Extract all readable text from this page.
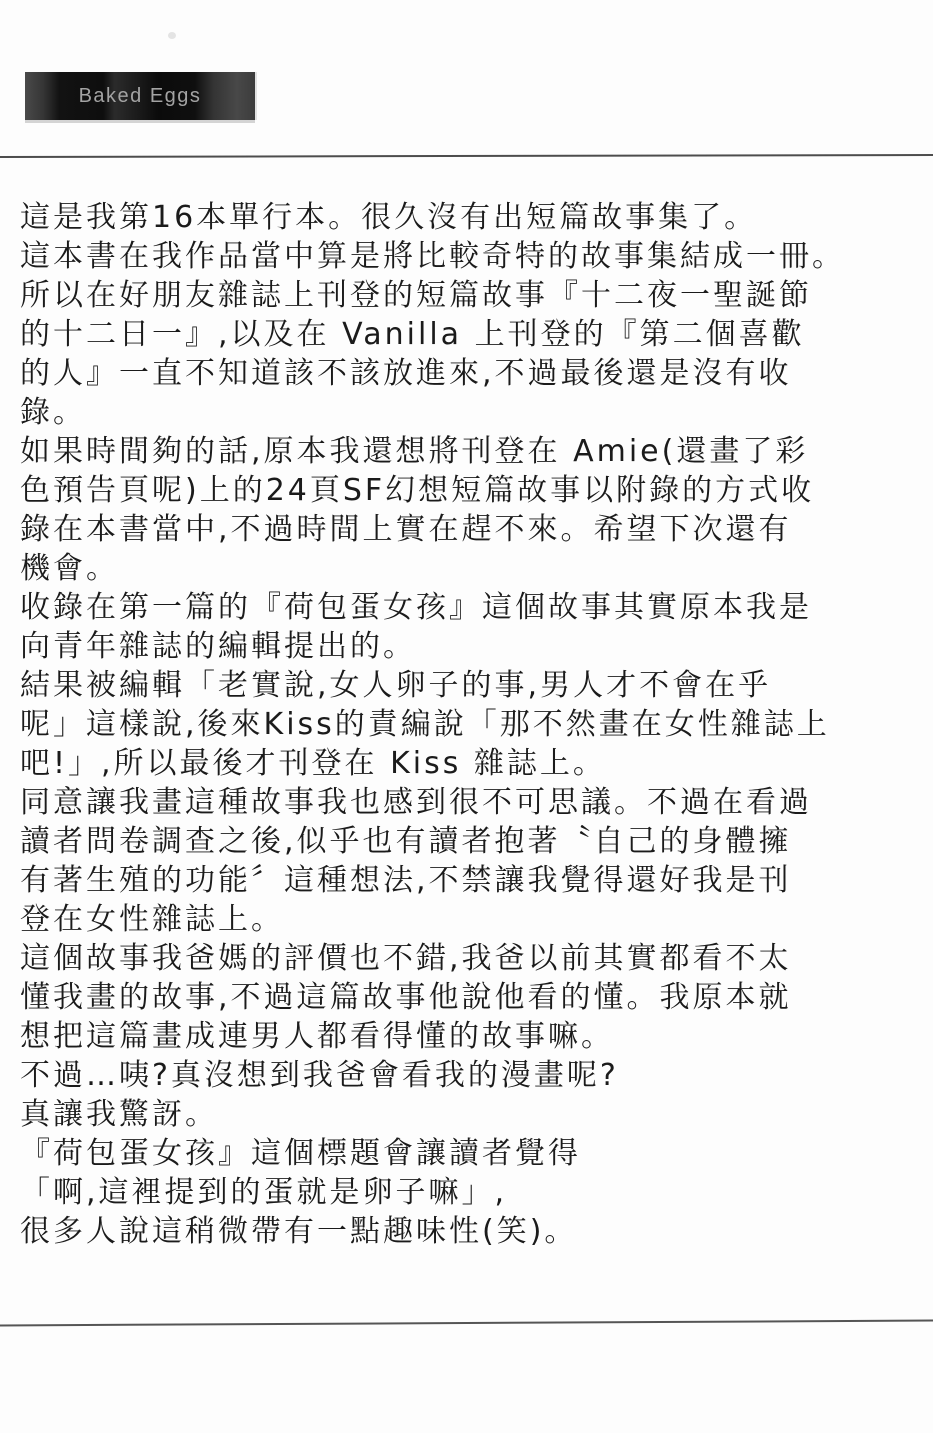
Baked Eggs
這是我第16本單行本。很久沒有出短篇故事集了。
這本書在我作品當中算是將比較奇特的故事集結成一冊。
所以在好朋友雜誌上刊登的短篇故事『十二夜一聖誕節
的十二日一』,以及在 Vanilla 上刊登的『第二個喜歡
的人』一直不知道該不該放進來,不過最後還是沒有收
錄。
如果時間夠的話,原本我還想將刊登在 Amie(還畫了彩
色預告頁呢)上的24頁SF幻想短篇故事以附錄的方式收
錄在本書當中,不過時間上實在趕不來。希望下次還有
機會。
收錄在第一篇的『荷包蛋女孩』這個故事其實原本我是
向青年雜誌的編輯提出的。
結果被編輯「老實說,女人卵子的事,男人才不會在乎
呢」這樣說,後來Kiss的責編說「那不然畫在女性雜誌上
吧!」,所以最後才刊登在 Kiss 雜誌上。
同意讓我畫這種故事我也感到很不可思議。不過在看過
讀者問卷調查之後,似乎也有讀者抱著〝自己的身體擁
有著生殖的功能〞這種想法,不禁讓我覺得還好我是刊
登在女性雜誌上。
這個故事我爸媽的評價也不錯,我爸以前其實都看不太
懂我畫的故事,不過這篇故事他說他看的懂。我原本就
想把這篇畫成連男人都看得懂的故事嘛。
不過…咦?真沒想到我爸會看我的漫畫呢?
真讓我驚訝。
『荷包蛋女孩』這個標題會讓讀者覺得
「啊,這裡提到的蛋就是卵子嘛」,
很多人說這稍微帶有一點趣味性(笑)。
